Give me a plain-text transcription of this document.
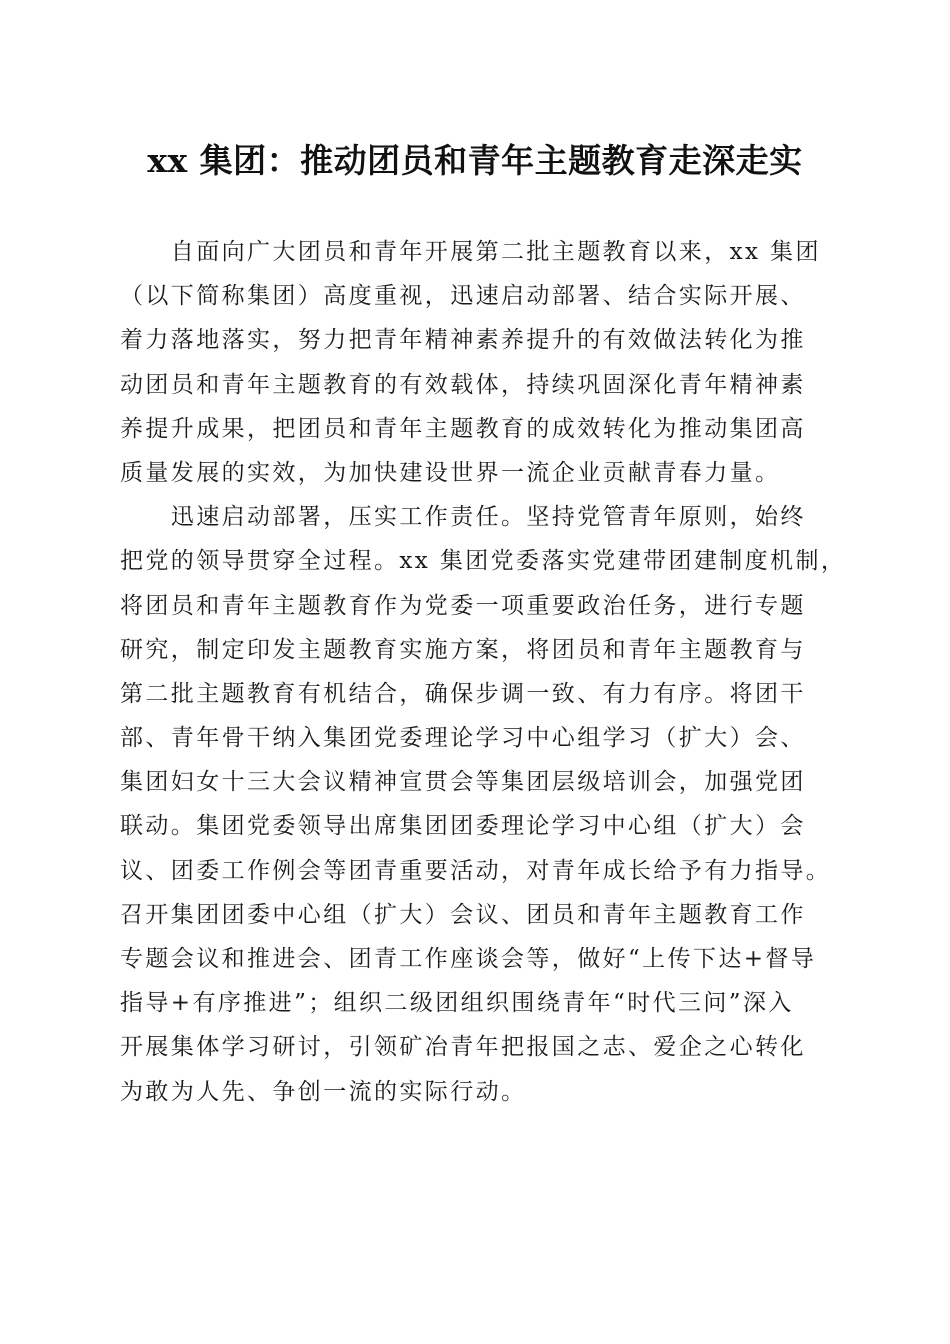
xx 集团：推动团员和青年主题教育走深走实
　　自面向广大团员和青年开展第二批主题教育以来，xx 集团
（以下简称集团）高度重视，迅速启动部署、结合实际开展、
着力落地落实，努力把青年精神素养提升的有效做法转化为推
动团员和青年主题教育的有效载体，持续巩固深化青年精神素
养提升成果，把团员和青年主题教育的成效转化为推动集团高
质量发展的实效，为加快建设世界一流企业贡献青春力量。
　　迅速启动部署，压实工作责任。坚持党管青年原则，始终
把党的领导贯穿全过程。xx 集团党委落实党建带团建制度机制，
将团员和青年主题教育作为党委一项重要政治任务，进行专题
研究，制定印发主题教育实施方案，将团员和青年主题教育与
第二批主题教育有机结合，确保步调一致、有力有序。将团干
部、青年骨干纳入集团党委理论学习中心组学习（扩大）会、
集团妇女十三大会议精神宣贯会等集团层级培训会，加强党团
联动。集团党委领导出席集团团委理论学习中心组（扩大）会
议、团委工作例会等团青重要活动，对青年成长给予有力指导。
召开集团团委中心组（扩大）会议、团员和青年主题教育工作
专题会议和推进会、团青工作座谈会等，做好“上传下达+督导
指导+有序推进”；组织二级团组织围绕青年“时代三问”深入
开展集体学习研讨，引领矿冶青年把报国之志、爱企之心转化
为敢为人先、争创一流的实际行动。
